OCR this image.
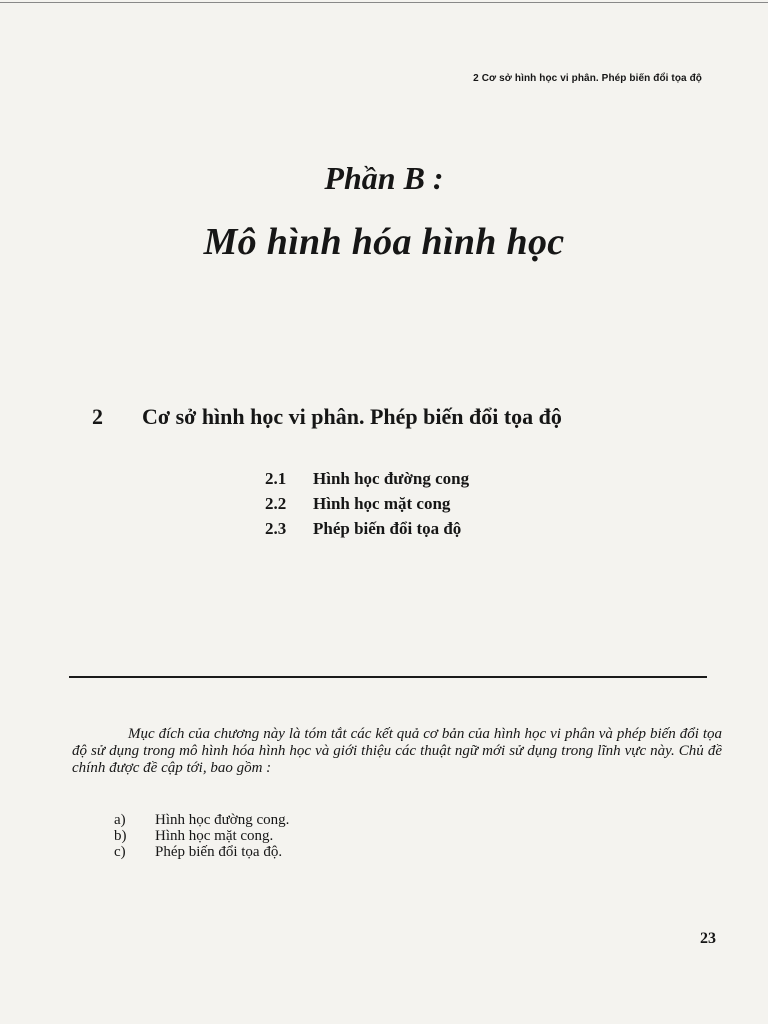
2 Cơ sở hình học vi phân. Phép biến đổi tọa độ
Phần B :
Mô hình hóa hình học
2 Cơ sở hình học vi phân. Phép biến đổi tọa độ
2.1 Hình học đường cong
2.2 Hình học mặt cong
2.3 Phép biến đổi tọa độ

Mục đích của chương này là tóm tắt các kết quả cơ bản của hình học vi phân và phép biến đổi tọa độ sử dụng trong mô hình hóa hình học và giới thiệu các thuật ngữ mới sử dụng trong lĩnh vực này. Chủ đề chính được đề cập tới, bao gồm :

a) Hình học đường cong.
b) Hình học mặt cong.
c) Phép biến đổi tọa độ.
23
